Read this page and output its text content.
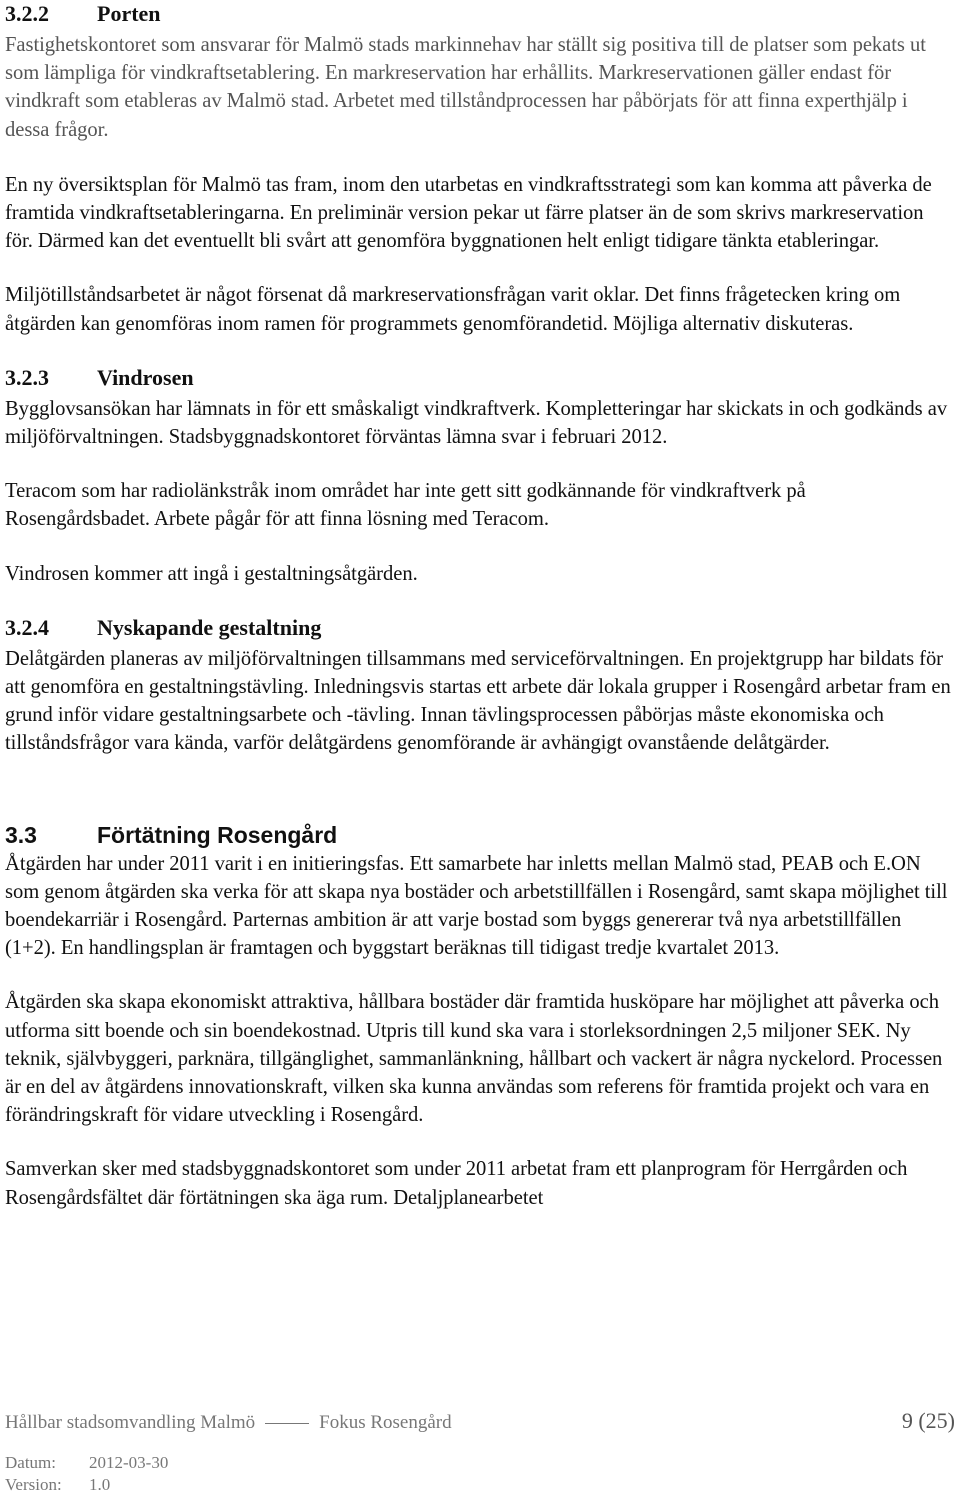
3.2.2	Porten

Fastighetskontoret som ansvarar för Malmö stads markinnehav har ställt sig positiva till de platser som pekats ut som lämpliga för vindkraftsetablering. En markreservation har erhållits. Markreservationen gäller endast för vindkraft som etableras av Malmö stad. Arbetet med tillståndprocessen har påbörjats för att finna experthjälp i dessa frågor.

En ny översiktsplan för Malmö tas fram, inom den utarbetas en vindkraftsstrategi som kan komma att påverka de framtida vindkraftsetableringarna. En preliminär version pekar ut färre platser än de som skrivs markreservation för. Därmed kan det eventuellt bli svårt att genomföra byggnationen helt enligt tidigare tänkta etableringar.

Miljötillståndsarbetet är något försenat då markreservationsfrågan varit oklar. Det finns frågetecken kring om åtgärden kan genomföras inom ramen för programmets genomförandetid. Möjliga alternativ diskuteras.

3.2.3	Vindrosen

Bygglovsansökan har lämnats in för ett småskaligt vindkraftverk. Kompletteringar har skickats in och godkänds av miljöförvaltningen. Stadsbyggnadskontoret förväntas lämna svar i februari 2012.

Teracom som har radiolänkstråk inom området har inte gett sitt godkännande för vindkraftverk på Rosengårdsbadet. Arbete pågår för att finna lösning med Teracom.

Vindrosen kommer att ingå i gestaltningsåtgärden.

3.2.4	Nyskapande gestaltning

Delåtgärden planeras av miljöförvaltningen tillsammans med serviceförvaltningen. En projektgrupp har bildats för att genomföra en gestaltningstävling. Inledningsvis startas ett arbete där lokala grupper i Rosengård arbetar fram en grund inför vidare gestaltningsarbete och -tävling. Innan tävlingsprocessen påbörjas måste ekonomiska och tillståndsfrågor vara kända, varför delåtgärdens genomförande är avhängigt ovanstående delåtgärder.

3.3	Förtätning Rosengård

Åtgärden har under 2011 varit i en initieringsfas. Ett samarbete har inletts mellan Malmö stad, PEAB och E.ON som genom åtgärden ska verka för att skapa nya bostäder och arbetstillfällen i Rosengård, samt skapa möjlighet till boendekarriär i Rosengård. Parternas ambition är att varje bostad som byggs genererar två nya arbetstillfällen (1+2). En handlingsplan är framtagen och byggstart beräknas till tidigast tredje kvartalet 2013.

Åtgärden ska skapa ekonomiskt attraktiva, hållbara bostäder där framtida husköpare har möjlighet att påverka och utforma sitt boende och sin boendekostnad. Utpris till kund ska vara i storleksordningen 2,5 miljoner SEK. Ny teknik, självbyggeri, parknära, tillgänglighet, sammanlänkning, hållbart och vackert är några nyckelord. Processen är en del av åtgärdens innovationskraft, vilken ska kunna användas som referens för framtida projekt och vara en förändringskraft för vidare utveckling i Rosengård.

Samverkan sker med stadsbyggnadskontoret som under 2011 arbetat fram ett planprogram för Herrgården och Rosengårdsfältet där förtätningen ska äga rum. Detaljplanearbetet

Hållbar stadsomvandling Malmö	Fokus Rosengård	9 (25)
Datum: 2012-03-30
Version: 1.0
